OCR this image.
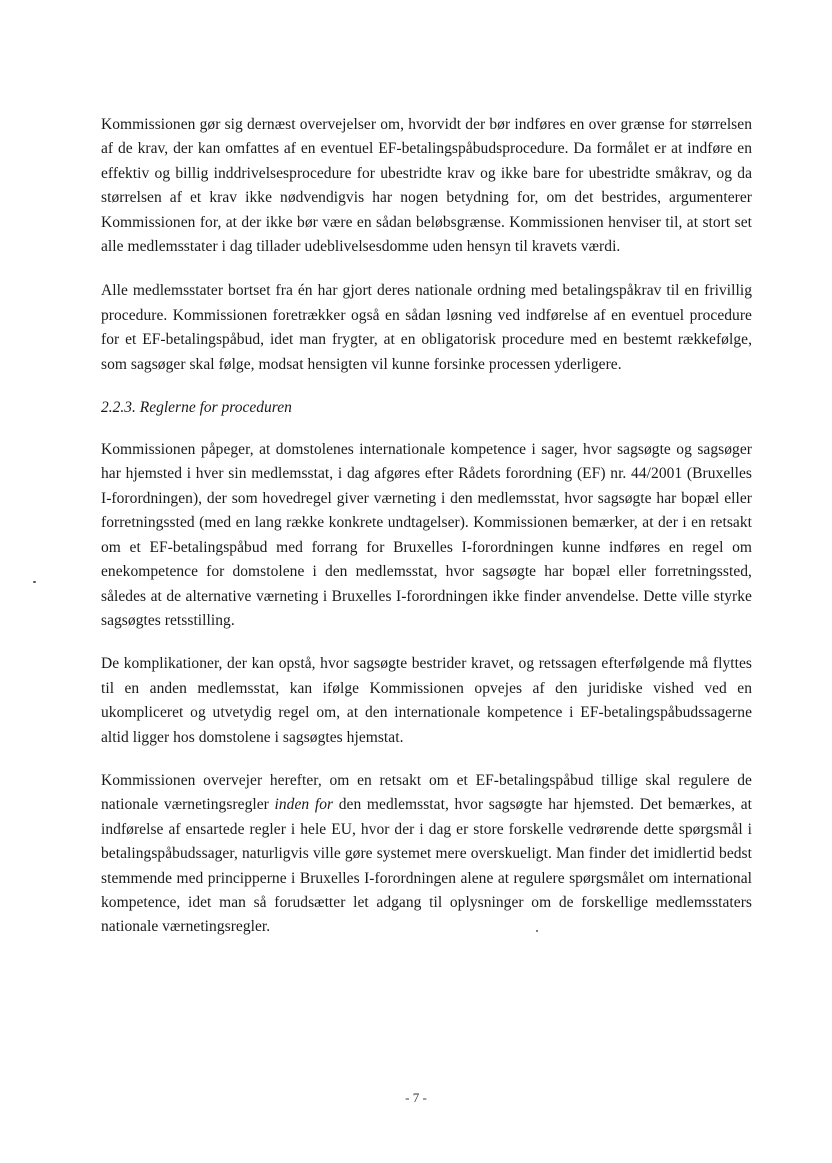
Kommissionen gør sig dernæst overvejelser om, hvorvidt der bør indføres en over grænse for størrelsen af de krav, der kan omfattes af en eventuel EF-betalingspåbudsprocedure. Da formålet er at indføre en effektiv og billig inddrivelsesprocedure for ubestridte krav og ikke bare for ubestridte småkrav, og da størrelsen af et krav ikke nødvendigvis har nogen betydning for, om det bestrides, argumenterer Kommissionen for, at der ikke bør være en sådan beløbsgrænse. Kommissionen henviser til, at stort set alle medlemsstater i dag tillader udeblivelsesdomme uden hensyn til kravets værdi.

Alle medlemsstater bortset fra én har gjort deres nationale ordning med betalingspåkrav til en frivillig procedure. Kommissionen foretrækker også en sådan løsning ved indførelse af en eventuel procedure for et EF-betalingspåbud, idet man frygter, at en obligatorisk procedure med en bestemt rækkefølge, som sagsøger skal følge, modsat hensigten vil kunne forsinke processen yderligere.

2.2.3. Reglerne for proceduren

Kommissionen påpeger, at domstolenes internationale kompetence i sager, hvor sagsøgte og sagsøger har hjemsted i hver sin medlemsstat, i dag afgøres efter Rådets forordning (EF) nr. 44/2001 (Bruxelles I-forordningen), der som hovedregel giver værneting i den medlemsstat, hvor sagsøgte har bopæl eller forretningssted (med en lang række konkrete undtagelser). Kommissionen bemærker, at der i en retsakt om et EF-betalingspåbud med forrang for Bruxelles I-forordningen kunne indføres en regel om enekompetence for domstolene i den medlemsstat, hvor sagsøgte har bopæl eller forretningssted, således at de alternative værneting i Bruxelles I-forordningen ikke finder anvendelse. Dette ville styrke sagsøgtes retsstilling.

De komplikationer, der kan opstå, hvor sagsøgte bestrider kravet, og retssagen efterfølgende må flyttes til en anden medlemsstat, kan ifølge Kommissionen opvejes af den juridiske vished ved en ukompliceret og utvetydig regel om, at den internationale kompetence i EF-betalingspåbudssagerne altid ligger hos domstolene i sagsøgtes hjemstat.

Kommissionen overvejer herefter, om en retsakt om et EF-betalingspåbud tillige skal regulere de nationale værnetingsregler inden for den medlemsstat, hvor sagsøgte har hjemsted. Det bemærkes, at indførelse af ensartede regler i hele EU, hvor der i dag er store forskelle vedrørende dette spørgsmål i betalingspåbudssager, naturligvis ville gøre systemet mere overskueligt. Man finder det imidlertid bedst stemmende med principperne i Bruxelles I-forordningen alene at regulere spørgsmålet om international kompetence, idet man så forudsætter let adgang til oplysninger om de forskellige medlemsstaters nationale værnetingsregler.

- 7 -
